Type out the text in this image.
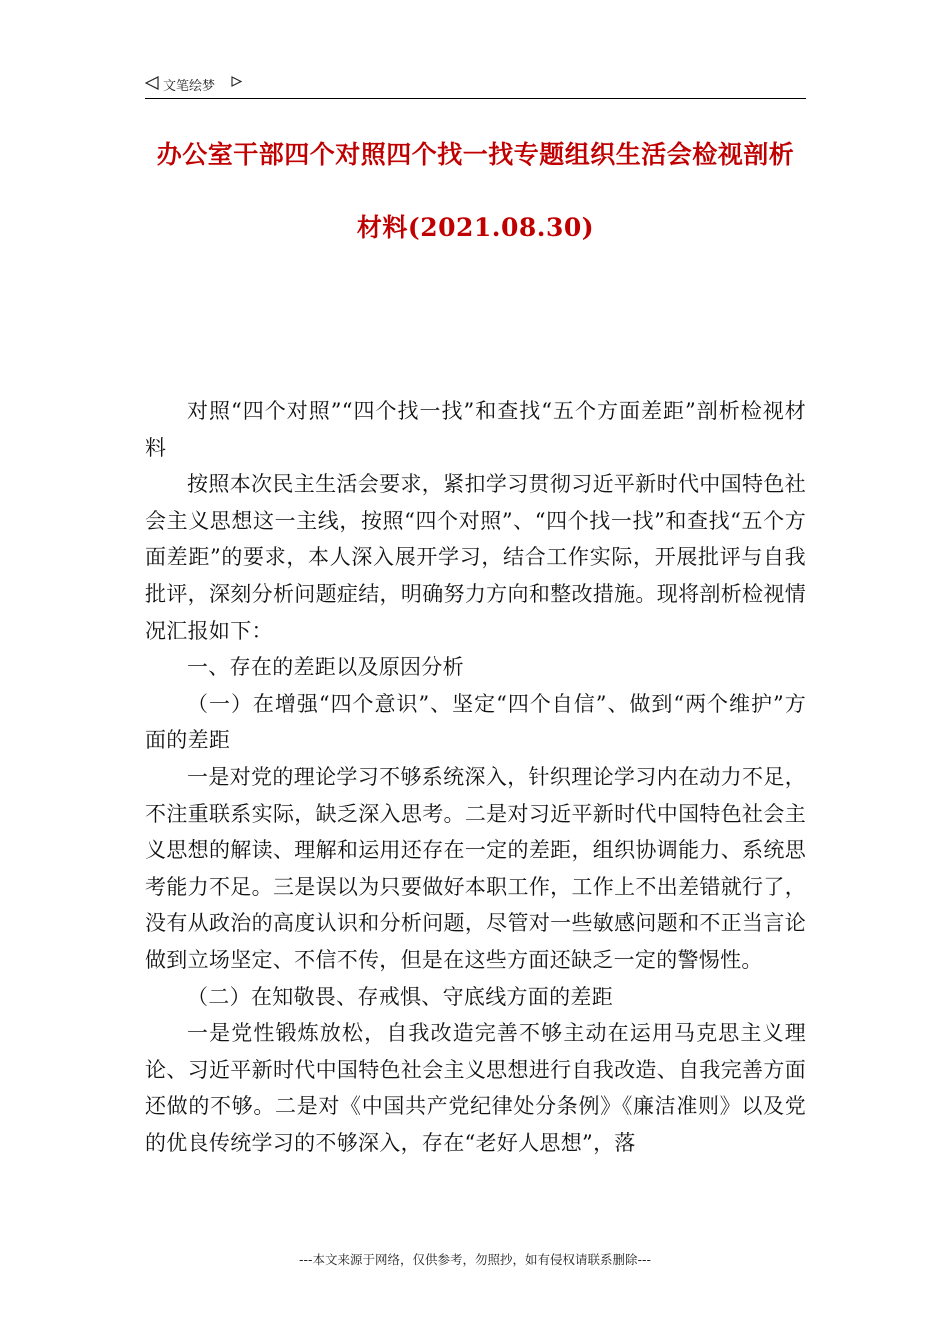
文笔绘梦
办公室干部四个对照四个找一找专题组织生活会检视剖析
材料(2021.08.30)

对照“四个对照”“四个找一找”和查找“五个方面差距”剖析检视材料

按照本次民主生活会要求，紧扣学习贯彻习近平新时代中国特色社会主义思想这一主线，按照“四个对照”、“四个找一找”和查找“五个方面差距”的要求，本人深入展开学习，结合工作实际，开展批评与自我批评，深刻分析问题症结，明确努力方向和整改措施。现将剖析检视情况汇报如下：

一、存在的差距以及原因分析

（一）在增强“四个意识”、坚定“四个自信”、做到“两个维护”方面的差距

一是对党的理论学习不够系统深入，针织理论学习内在动力不足，不注重联系实际，缺乏深入思考。二是对习近平新时代中国特色社会主义思想的解读、理解和运用还存在一定的差距，组织协调能力、系统思考能力不足。三是误以为只要做好本职工作，工作上不出差错就行了，没有从政治的高度认识和分析问题，尽管对一些敏感问题和不正当言论做到立场坚定、不信不传，但是在这些方面还缺乏一定的警惕性。

（二）在知敬畏、存戒惧、守底线方面的差距

一是党性锻炼放松，自我改造完善不够主动在运用马克思主义理论、习近平新时代中国特色社会主义思想进行自我改造、自我完善方面还做的不够。二是对《中国共产党纪律处分条例》《廉洁准则》以及党的优良传统学习的不够深入，存在“老好人思想”，落

---本文来源于网络，仅供参考，勿照抄，如有侵权请联系删除---
